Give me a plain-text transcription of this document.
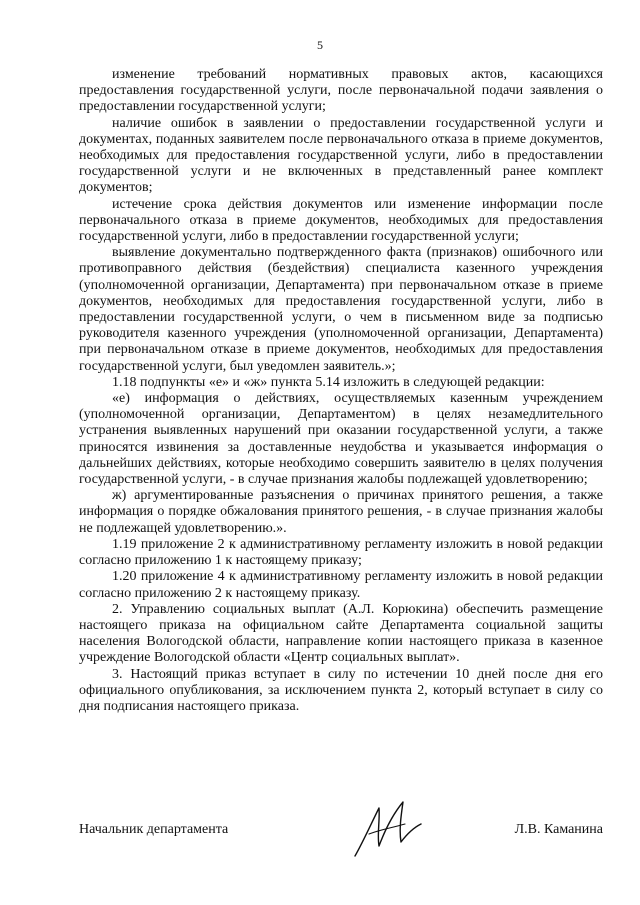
5

изменение требований нормативных правовых актов, касающихся предоставления государственной услуги, после первоначальной подачи заявления о предоставлении государственной услуги;

наличие ошибок в заявлении о предоставлении государственной услуги и документах, поданных заявителем после первоначального отказа в приеме документов, необходимых для предоставления государственной услуги, либо в предоставлении государственной услуги и не включенных в представленный ранее комплект документов;

истечение срока действия документов или изменение информации после первоначального отказа в приеме документов, необходимых для предоставления государственной услуги, либо в предоставлении государственной услуги;

выявление документально подтвержденного факта (признаков) ошибочного или противоправного действия (бездействия) специалиста казенного учреждения (уполномоченной организации, Департамента) при первоначальном отказе в приеме документов, необходимых для предоставления государственной услуги, либо в предоставлении государственной услуги, о чем в письменном виде за подписью руководителя казенного учреждения (уполномоченной организации, Департамента) при первоначальном отказе в приеме документов, необходимых для предоставления государственной услуги, был уведомлен заявитель.»;

1.18 подпункты «е» и «ж» пункта 5.14 изложить в следующей редакции:

«е) информация о действиях, осуществляемых казенным учреждением (уполномоченной организации, Департаментом) в целях незамедлительного устранения выявленных нарушений при оказании государственной услуги, а также приносятся извинения за доставленные неудобства и указывается информация о дальнейших действиях, которые необходимо совершить заявителю в целях получения государственной услуги, - в случае признания жалобы подлежащей удовлетворению;

ж) аргументированные разъяснения о причинах принятого решения, а также информация о порядке обжалования принятого решения, - в случае признания жалобы не подлежащей удовлетворению.».

1.19 приложение 2 к административному регламенту изложить в новой редакции согласно приложению 1 к настоящему приказу;

1.20 приложение 4 к административному регламенту изложить в новой редакции согласно приложению 2 к настоящему приказу.

2. Управлению социальных выплат (А.Л. Корюкина) обеспечить размещение настоящего приказа на официальном сайте Департамента социальной защиты населения Вологодской области, направление копии настоящего приказа в казенное учреждение Вологодской области «Центр социальных выплат».

3. Настоящий приказ вступает в силу по истечении 10 дней после дня его официального опубликования, за исключением пункта 2, который вступает в силу со дня подписания настоящего приказа.

Начальник департамента	Л.В. Каманина
